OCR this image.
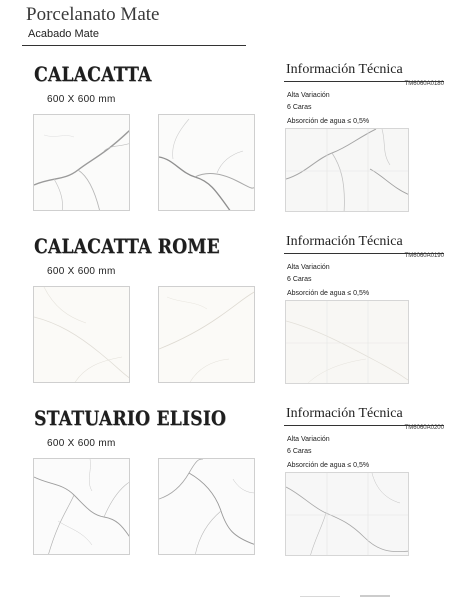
Porcelanato Mate
Acabado Mate
CALACATTA
600 X 600 mm
Información Técnica
TM6060A0180
Alta Variación
6 Caras
Absorción de agua ≤ 0,5%
CALACATTA ROME
600 X 600 mm
Información Técnica
TM6060A0190
Alta Variación
6 Caras
Absorción de agua ≤ 0,5%
STATUARIO ELISIO
600 X 600 mm
Información Técnica
TM6060A0200
Alta Variación
6 Caras
Absorción de agua ≤ 0,5%
